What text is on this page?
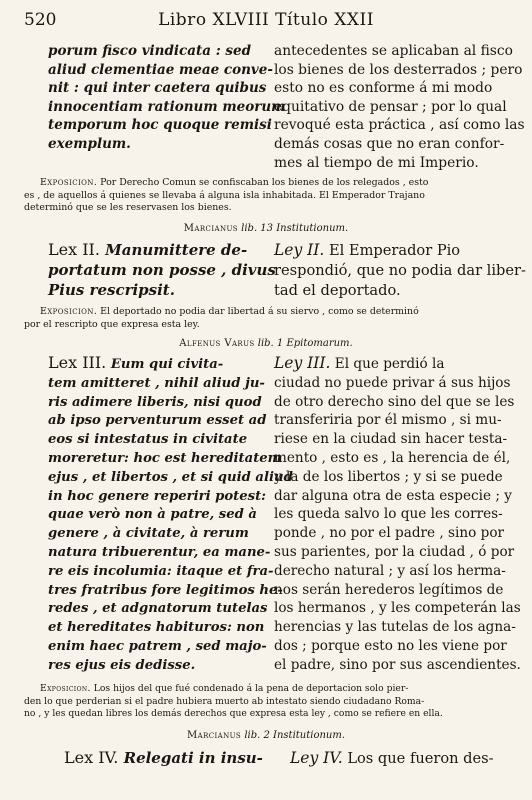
520	Libro XLVIII Título XXII
porum fisco vindicata : sed
aliud clementiae meae conve-
nit : qui inter caetera quibus
innocentiam rationum meorum
temporum hoc quoque remisi
exemplum.
antecedentes se aplicaban al fisco
los bienes de los desterrados ; pero
esto no es conforme á mi modo
equitativo de pensar ; por lo qual
revoqué esta práctica , así como las
demás cosas que no eran confor-
mes al tiempo de mi Imperio.
Exposicion. Por Derecho Comun se confiscaban los bienes de los relegados , esto
es , de aquellos á quienes se llevaba á alguna isla inhabitada. El Emperador Trajano
determinó que se les reservasen los bienes.
Marcianus lib. 13 Institutionum.
Lex II. Manumittere de-
portatum non posse , divus
Pius rescripsit.
Ley II. El Emperador Pio
respondió, que no podia dar liber-
tad el deportado.
Exposicion. El deportado no podia dar libertad á su siervo , como se determinó
por el rescripto que expresa esta ley.
Alfenus Varus lib. 1 Epitomarum.
Lex III. Eum qui civita-
tem amitteret , nihil aliud ju-
ris adimere liberis, nisi quod
ab ipso perventurum esset ad
eos si intestatus in civitate
moreretur: hoc est hereditatem
ejus , et libertos , et si quid aliud
in hoc genere reperiri potest:
quae verò non à patre, sed à
genere , à civitate, à rerum
natura tribuerentur, ea mane-
re eis incolumia: itaque et fra-
tres fratribus fore legitimos he-
redes , et adgnatorum tutelas
et hereditates habituros: non
enim haec patrem , sed majo-
res ejus eis dedisse.
Ley III. El que perdió la
ciudad no puede privar á sus hijos
de otro derecho sino del que se les
transferiria por él mismo , si mu-
riese en la ciudad sin hacer testa-
mento , esto es , la herencia de él,
y la de los libertos ; y si se puede
dar alguna otra de esta especie ; y
les queda salvo lo que les corres-
ponde , no por el padre , sino por
sus parientes, por la ciudad , ó por
derecho natural ; y así los herma-
nos serán herederos legítimos de
los hermanos , y les competerán las
herencias y las tutelas de los agna-
dos ; porque esto no les viene por
el padre, sino por sus ascendientes.
Exposicion. Los hijos del que fué condenado á la pena de deportacion solo pier-
den lo que perderian si el padre hubiera muerto ab intestato siendo ciudadano Roma-
no , y les quedan libres los demás derechos que expresa esta ley , como se refiere en ella.
Marcianus lib. 2 Institutionum.
Lex IV. Relegati in insu- Ley IV. Los que fueron des-
